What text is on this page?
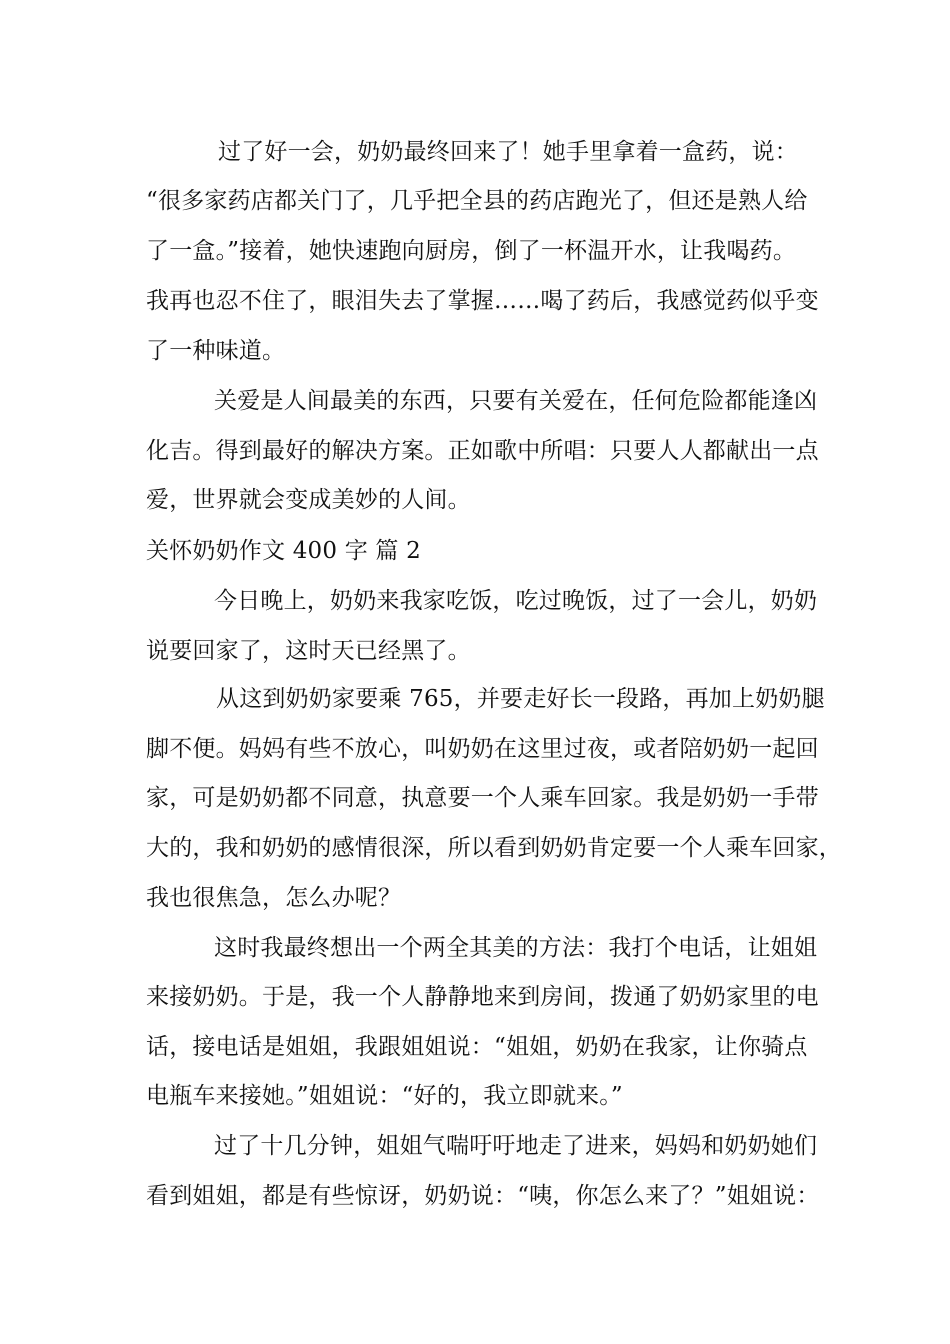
过了好一会，奶奶最终回来了！她手里拿着一盒药，说：
“很多家药店都关门了，几乎把全县的药店跑光了，但还是熟人给
了一盒。”接着，她快速跑向厨房，倒了一杯温开水，让我喝药。
我再也忍不住了，眼泪失去了掌握……喝了药后，我感觉药似乎变
了一种味道。
关爱是人间最美的东西，只要有关爱在，任何危险都能逢凶
化吉。得到最好的解决方案。正如歌中所唱：只要人人都献出一点
爱，世界就会变成美妙的人间。
关怀奶奶作文 400 字 篇 2
今日晚上，奶奶来我家吃饭，吃过晚饭，过了一会儿，奶奶
说要回家了，这时天已经黑了。
从这到奶奶家要乘 765，并要走好长一段路，再加上奶奶腿
脚不便。妈妈有些不放心，叫奶奶在这里过夜，或者陪奶奶一起回
家，可是奶奶都不同意，执意要一个人乘车回家。我是奶奶一手带
大的，我和奶奶的感情很深，所以看到奶奶肯定要一个人乘车回家，
我也很焦急，怎么办呢？
这时我最终想出一个两全其美的方法：我打个电话，让姐姐
来接奶奶。于是，我一个人静静地来到房间，拨通了奶奶家里的电
话，接电话是姐姐，我跟姐姐说：“姐姐，奶奶在我家，让你骑点
电瓶车来接她。”姐姐说：“好的，我立即就来。”
过了十几分钟，姐姐气喘吁吁地走了进来，妈妈和奶奶她们
看到姐姐，都是有些惊讶，奶奶说：“咦，你怎么来了？”姐姐说：
